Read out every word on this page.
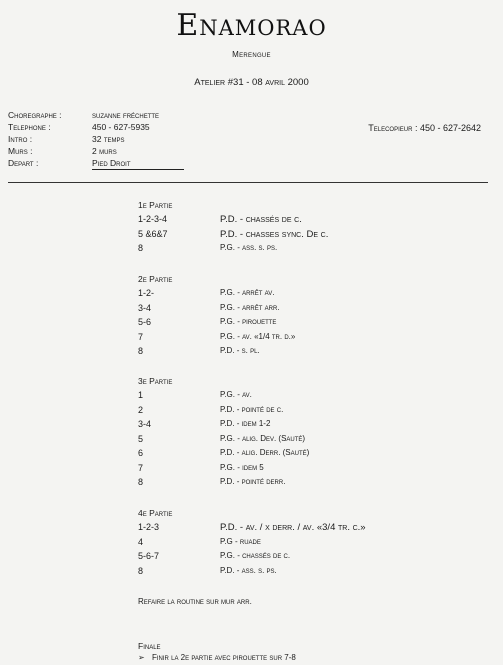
Enamorao
Merengue
Atelier #31 - 08 avril 2000
Choregraphe :	suzanne fréchette
Telephone :	450 - 627-5935
Intro :	32 temps
Murs :	2 murs
Depart :	Pied Droit
Telecopieur : 450 - 627-2642
1e Partie
1-2-3-4	P.D. - chassés de c.
5 &6&7	P.D. - chasses sync. De c.
8	P.G. - ass. s. ps.
2e Partie
1-2-	P.G. - arrêt av.
3-4	P.G. - arrêt arr.
5-6	P.G. - pirouette
7	P.G. - av. «1/4 tr. d.»
8	P.D. - s. pl.
3e Partie
1	P.G. - av.
2	P.D. - pointé de c.
3-4	P.D. - idem 1-2
5	P.G. - alig. Dev. (Sauté)
6	P.D. - alig. Derr. (Sauté)
7	P.G. - idem 5
8	P.D. - pointé derr.
4e Partie
1-2-3	P.D. - av. / x derr. / av. «3/4 tr. c.»
4	P.G - ruade
5-6-7	P.G. - chassés de c.
8	P.D. - ass. s. ps.
Refaire la routine sur mur arr.
Finale
➢ Finir la 2e partie avec pirouette sur 7-8
